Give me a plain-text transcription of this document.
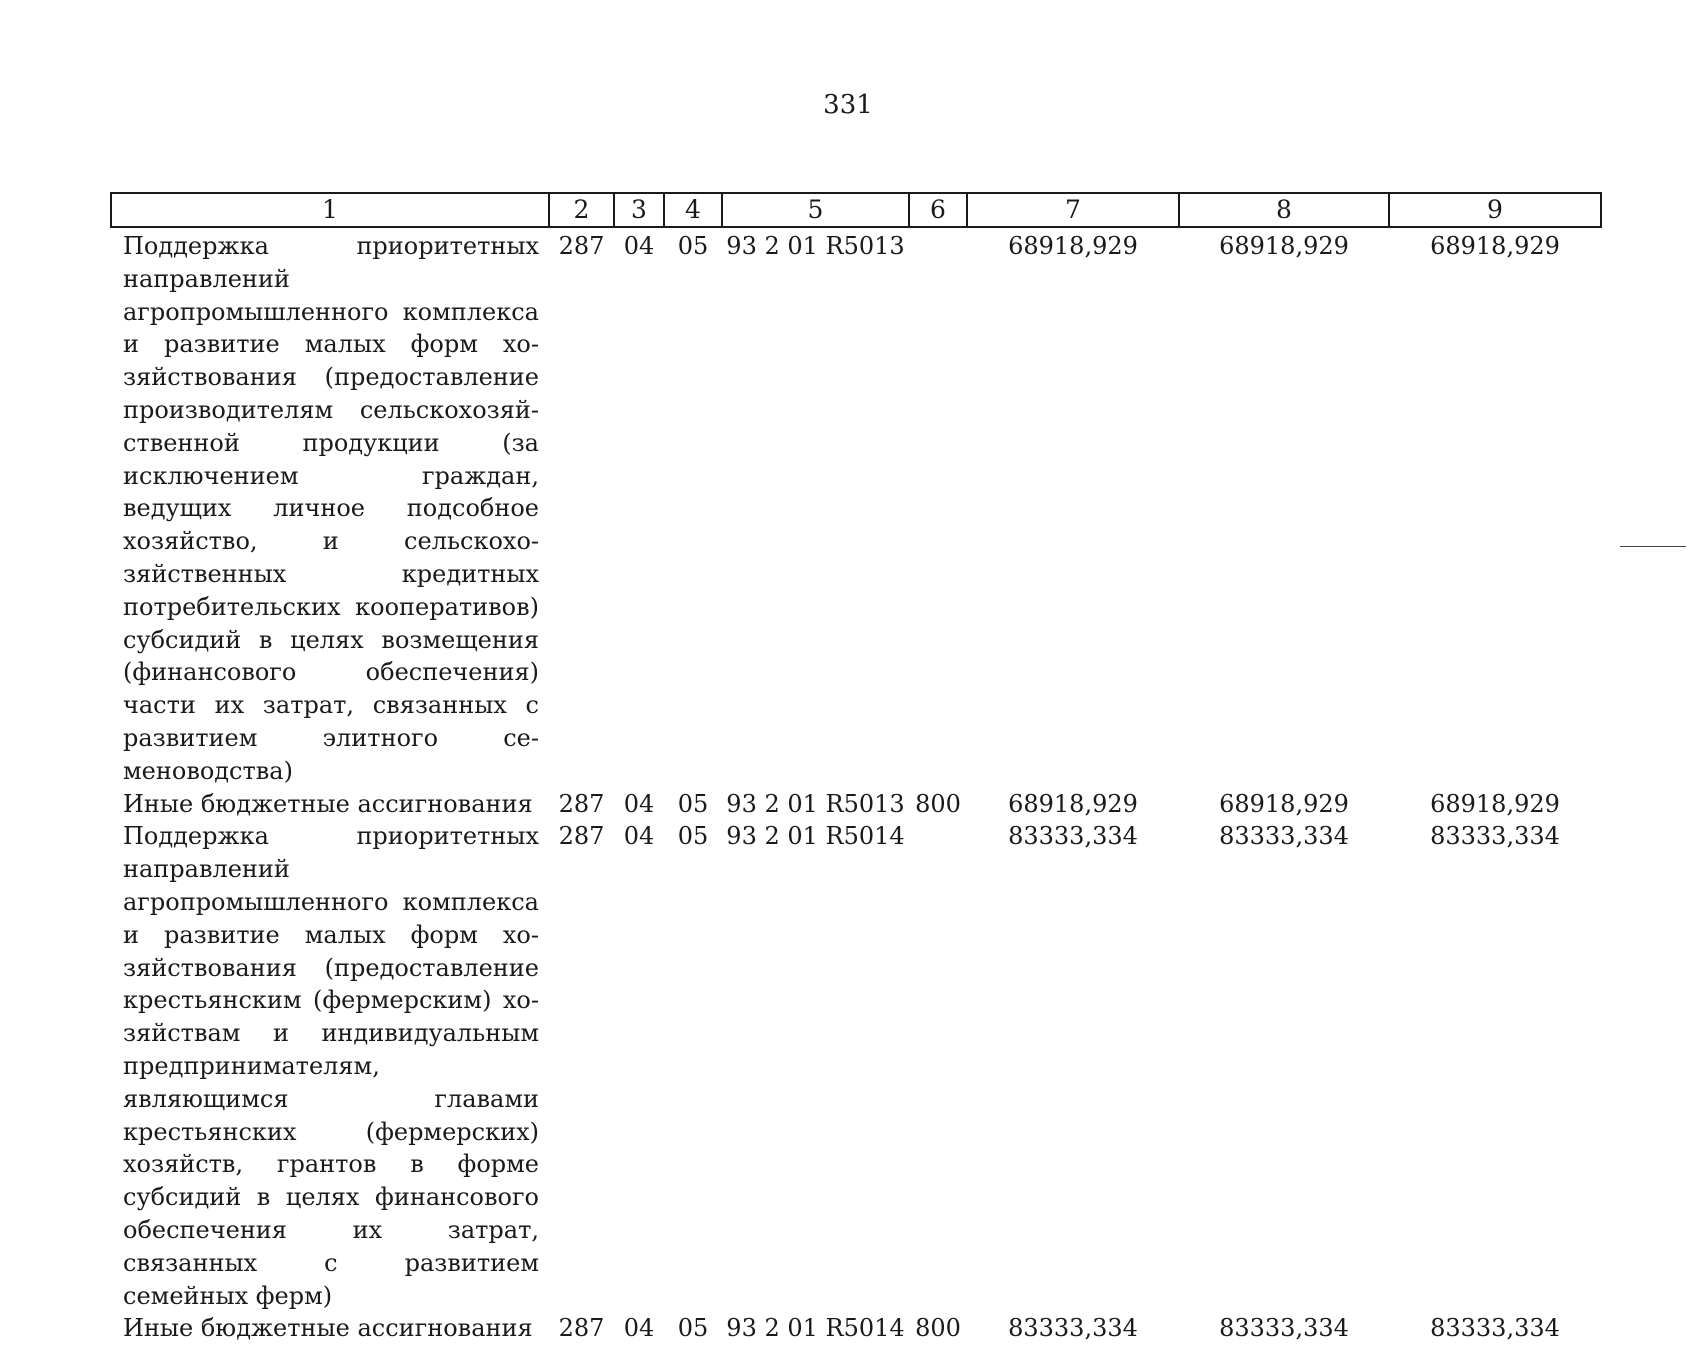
331
1	2	3	4	5	6	7	8	9
Поддержка приоритетных направлений агропромышленного комплекса и развитие малых форм хозяйствования (предоставление производителям сельскохозяйственной продукции (за исключением граждан, ведущих личное подсобное хозяйство, и сельскохозяйственных кредитных потребительских кооперативов) субсидий в целях возмещения (финансового обеспечения) части их затрат, связанных с развитием элитного семеноводства)	287	04	05	93 2 01 R5013		68918,929	68918,929	68918,929
Иные бюджетные ассигнования	287	04	05	93 2 01 R5013	800	68918,929	68918,929	68918,929
Поддержка приоритетных направлений агропромышленного комплекса и развитие малых форм хозяйствования (предоставление крестьянским (фермерским) хозяйствам и индивидуальным предпринимателям, являющимся главами крестьянских (фермерских) хозяйств, грантов в форме субсидий в целях финансового обеспечения их затрат, связанных с развитием семейных ферм)	287	04	05	93 2 01 R5014		83333,334	83333,334	83333,334
Иные бюджетные ассигнования	287	04	05	93 2 01 R5014	800	83333,334	83333,334	83333,334
